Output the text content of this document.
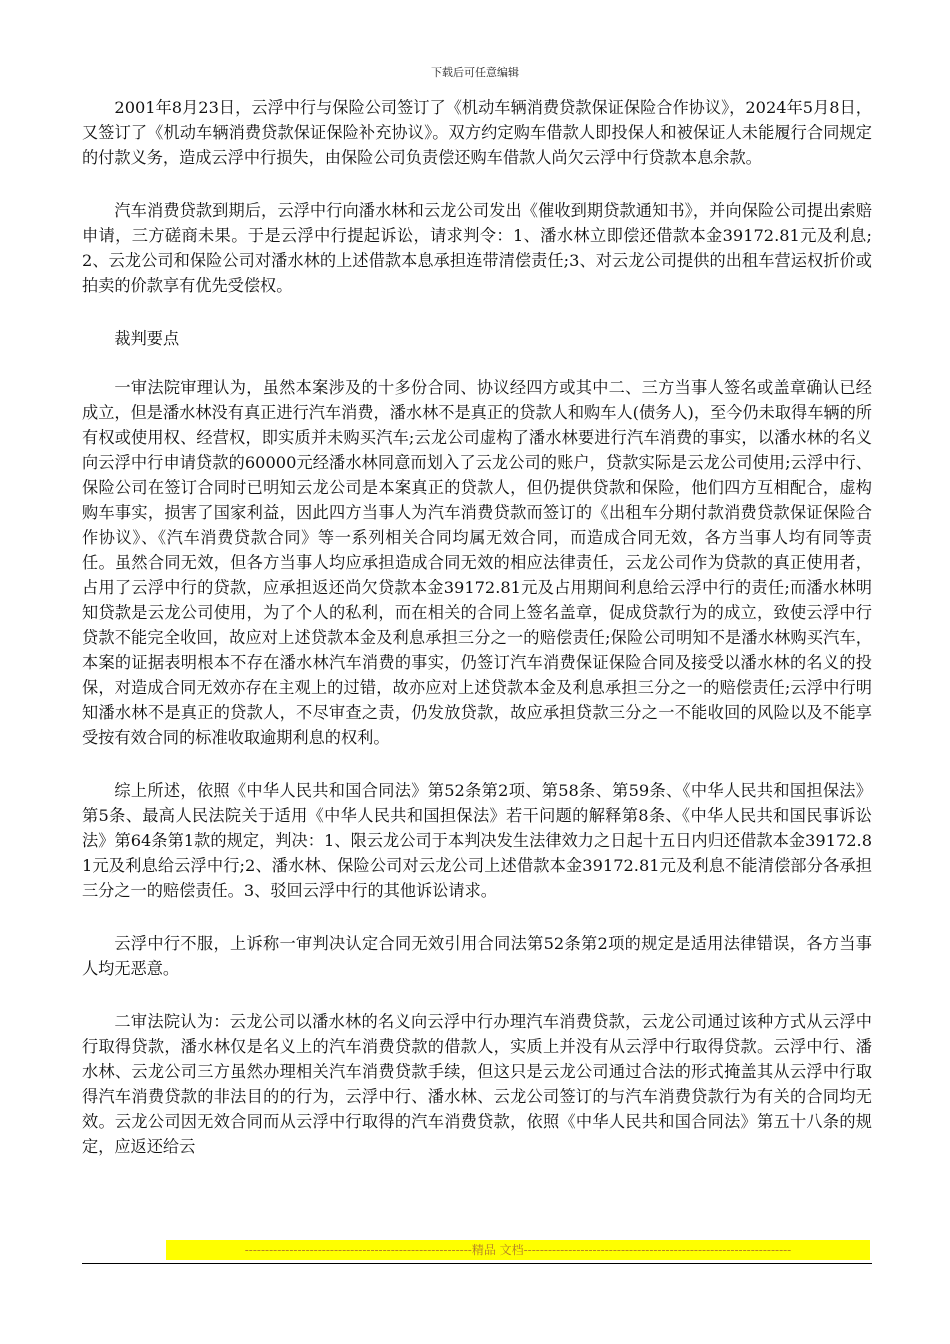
下载后可任意编辑

2001年8月23日，云浮中行与保险公司签订了《机动车辆消费贷款保证保险合作协议》，2024年5月8日，又签订了《机动车辆消费贷款保证保险补充协议》。双方约定购车借款人即投保人和被保证人未能履行合同规定的付款义务，造成云浮中行损失，由保险公司负责偿还购车借款人尚欠云浮中行贷款本息余款。

汽车消费贷款到期后，云浮中行向潘水林和云龙公司发出《催收到期贷款通知书》，并向保险公司提出索赔申请，三方磋商未果。于是云浮中行提起诉讼，请求判令：1、潘水林立即偿还借款本金39172.81元及利息;2、云龙公司和保险公司对潘水林的上述借款本息承担连带清偿责任;3、对云龙公司提供的出租车营运权折价或拍卖的价款享有优先受偿权。

裁判要点

一审法院审理认为，虽然本案涉及的十多份合同、协议经四方或其中二、三方当事人签名或盖章确认已经成立，但是潘水林没有真正进行汽车消费，潘水林不是真正的贷款人和购车人(债务人)，至今仍未取得车辆的所有权或使用权、经营权，即实质并未购买汽车;云龙公司虚构了潘水林要进行汽车消费的事实，以潘水林的名义向云浮中行申请贷款的60000元经潘水林同意而划入了云龙公司的账户，贷款实际是云龙公司使用;云浮中行、保险公司在签订合同时已明知云龙公司是本案真正的贷款人，但仍提供贷款和保险，他们四方互相配合，虚构购车事实，损害了国家利益，因此四方当事人为汽车消费贷款而签订的《出租车分期付款消费贷款保证保险合作协议》、《汽车消费贷款合同》等一系列相关合同均属无效合同，而造成合同无效，各方当事人均有同等责任。虽然合同无效，但各方当事人均应承担造成合同无效的相应法律责任，云龙公司作为贷款的真正使用者，占用了云浮中行的贷款，应承担返还尚欠贷款本金39172.81元及占用期间利息给云浮中行的责任;而潘水林明知贷款是云龙公司使用，为了个人的私利，而在相关的合同上签名盖章，促成贷款行为的成立，致使云浮中行贷款不能完全收回，故应对上述贷款本金及利息承担三分之一的赔偿责任;保险公司明知不是潘水林购买汽车，本案的证据表明根本不存在潘水林汽车消费的事实，仍签订汽车消费保证保险合同及接受以潘水林的名义的投保，对造成合同无效亦存在主观上的过错，故亦应对上述贷款本金及利息承担三分之一的赔偿责任;云浮中行明知潘水林不是真正的贷款人，不尽审查之责，仍发放贷款，故应承担贷款三分之一不能收回的风险以及不能享受按有效合同的标准收取逾期利息的权利。

综上所述，依照《中华人民共和国合同法》第52条第2项、第58条、第59条、《中华人民共和国担保法》第5条、最高人民法院关于适用《中华人民共和国担保法》若干问题的解释第8条、《中华人民共和国民事诉讼法》第64条第1款的规定，判决：1、限云龙公司于本判决发生法律效力之日起十五日内归还借款本金39172.81元及利息给云浮中行;2、潘水林、保险公司对云龙公司上述借款本金39172.81元及利息不能清偿部分各承担三分之一的赔偿责任。3、驳回云浮中行的其他诉讼请求。

云浮中行不服，上诉称一审判决认定合同无效引用合同法第52条第2项的规定是适用法律错误，各方当事人均无恶意。

二审法院认为：云龙公司以潘水林的名义向云浮中行办理汽车消费贷款，云龙公司通过该种方式从云浮中行取得贷款，潘水林仅是名义上的汽车消费贷款的借款人，实质上并没有从云浮中行取得贷款。云浮中行、潘水林、云龙公司三方虽然办理相关汽车消费贷款手续，但这只是云龙公司通过合法的形式掩盖其从云浮中行取得汽车消费贷款的非法目的的行为，云浮中行、潘水林、云龙公司签订的与汽车消费贷款行为有关的合同均无效。云龙公司因无效合同而从云浮中行取得的汽车消费贷款，依照《中华人民共和国合同法》第五十八条的规定，应返还给云

--------------------------------------------------------精品 文档------------------------------------------------------------------
